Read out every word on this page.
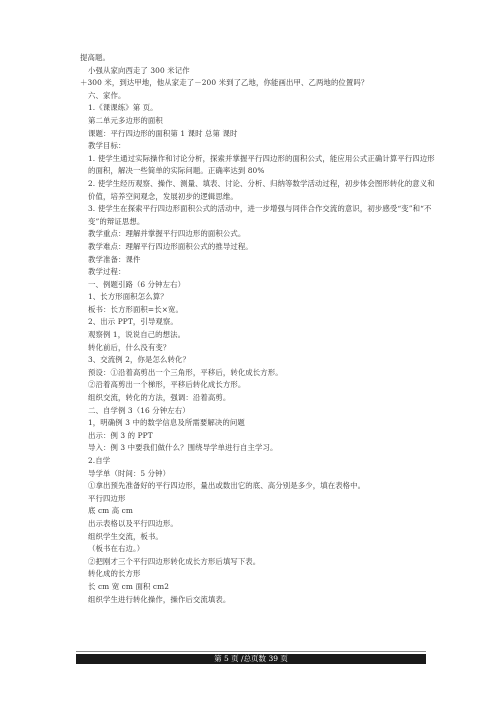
提高题。
小强从家向西走了 300 米记作
＋300 米，到达甲地，他从家走了－200 米到了乙地，你能画出甲、乙两地的位置吗？
六、家作。
1.《课课练》第 页。
第二单元多边形的面积
课题：平行四边形的面积第 1 课时 总第 课时
教学目标：
1. 使学生通过实际操作和讨论分析，探索并掌握平行四边形的面积公式，能应用公式正确计算平行四边形的面积，解决一些简单的实际问题。正确率达到 80%
2. 使学生经历观察、操作、测量、填表、讨论、分析、归纳等数学活动过程，初步体会图形转化的意义和价值，培养空间观念，发展初步的逻辑思维。
3. 使学生在探索平行四边形面积公式的活动中，进一步增强与同伴合作交流的意识，初步感受“变”和“不变”的辩证思想。
教学重点：理解并掌握平行四边形的面积公式。
教学难点：理解平行四边形面积公式的推导过程。
教学准备：课件
教学过程：
一、例题引路（6 分钟左右）
1、长方形面积怎么算？
板书：长方形面积=长×宽。
2、出示 PPT，引导观察。
观察例 1，说说自己的想法。
转化前后，什么没有变？
3、交流例 2，你是怎么转化？
预设：①沿着高剪出一个三角形，平移后，转化成长方形。
②沿着高剪出一个梯形，平移后转化成长方形。
组织交流，转化的方法，强调：沿着高剪。
二、自学例 3（16 分钟左右）
1，明确例 3 中的数学信息及所需要解决的问题
出示：例 3 的 PPT
导入：例 3 中要我们做什么？围绕导学单进行自主学习。
2.自学
导学单（时间：5 分钟）
①拿出预先准备好的平行四边形，量出或数出它的底、高分别是多少，填在表格中。
平行四边形
底 cm 高 cm
出示表格以及平行四边形。
组织学生交流，板书。
（板书在右边。）
②把刚才三个平行四边形转化成长方形后填写下表。
转化成的长方形
长 cm 宽 cm 面积 cm2
组织学生进行转化操作，操作后交流填表。
第 5 页 /总页数 39 页
